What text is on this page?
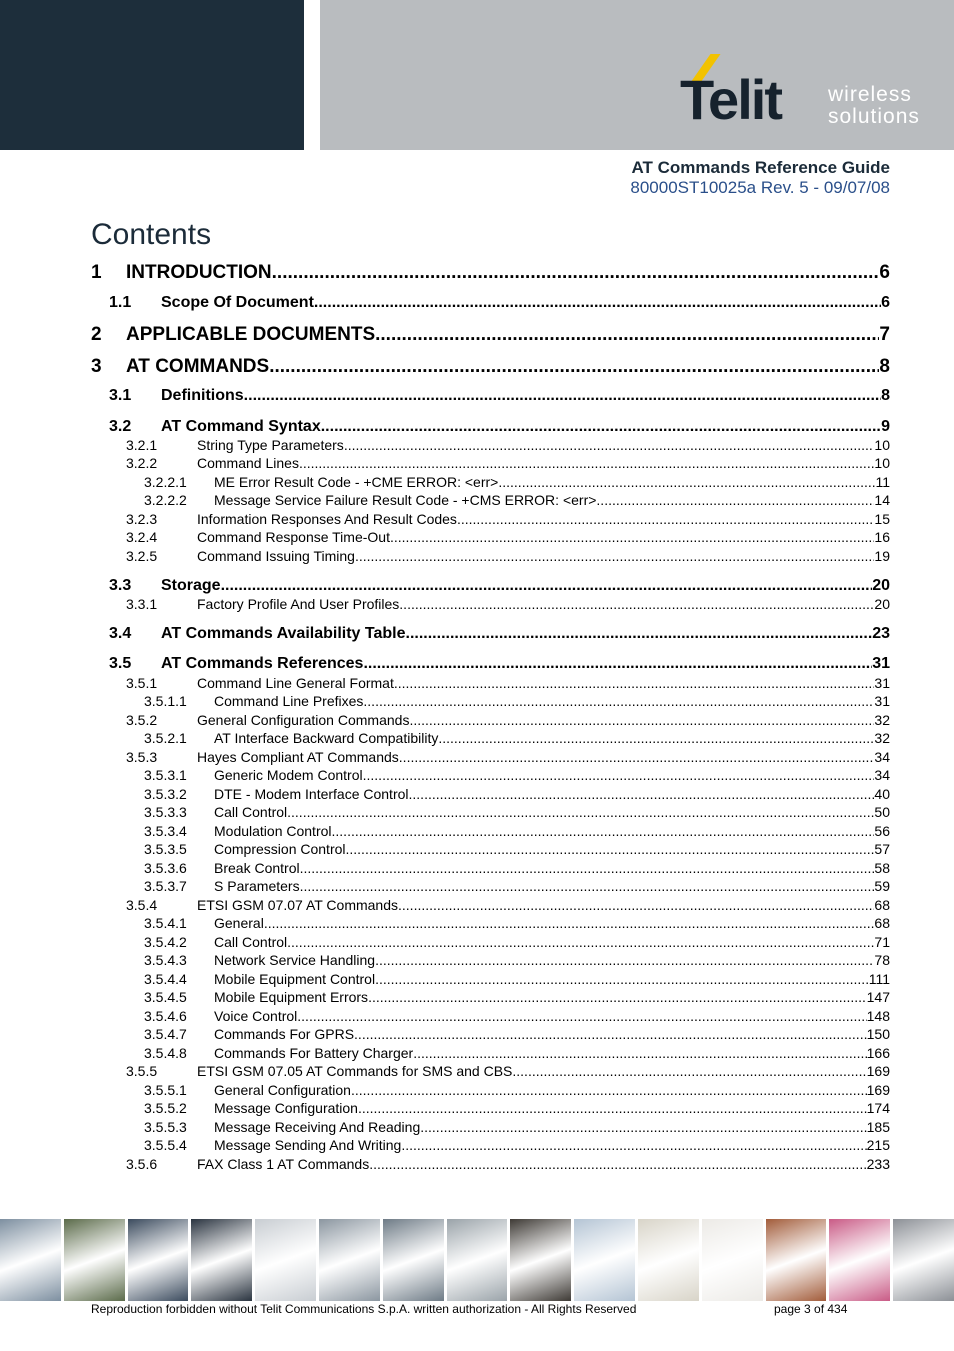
Telit wireless
solutions
AT Commands Reference Guide
80000ST10025a Rev. 5 - 09/07/08
Contents
1	INTRODUCTION .....	6
1.1	Scope Of Document .....	6
2	APPLICABLE DOCUMENTS .....	7
3	AT COMMANDS .....	8
3.1	Definitions .....	8
3.2	AT Command Syntax .....	9
3.2.1	String Type Parameters .....	10
3.2.2	Command Lines .....	10
3.2.2.1	ME Error Result Code - +CME ERROR: <err> .....	11
3.2.2.2	Message Service Failure Result Code - +CMS ERROR: <err> .....	14
3.2.3	Information Responses And Result Codes .....	15
3.2.4	Command Response Time-Out .....	16
3.2.5	Command Issuing Timing .....	19
3.3	Storage .....	20
3.3.1	Factory Profile And User Profiles .....	20
3.4	AT Commands Availability Table .....	23
3.5	AT Commands References .....	31
3.5.1	Command Line General Format .....	31
3.5.1.1	Command Line Prefixes .....	31
3.5.2	General Configuration Commands .....	32
3.5.2.1	AT Interface Backward Compatibility .....	32
3.5.3	Hayes Compliant AT Commands .....	34
3.5.3.1	Generic Modem Control .....	34
3.5.3.2	DTE - Modem Interface Control .....	40
3.5.3.3	Call Control .....	50
3.5.3.4	Modulation Control .....	56
3.5.3.5	Compression Control .....	57
3.5.3.6	Break Control .....	58
3.5.3.7	S Parameters .....	59
3.5.4	ETSI GSM 07.07 AT Commands .....	68
3.5.4.1	General .....	68
3.5.4.2	Call Control .....	71
3.5.4.3	Network Service Handling .....	78
3.5.4.4	Mobile Equipment Control .....	111
3.5.4.5	Mobile Equipment Errors .....	147
3.5.4.6	Voice Control .....	148
3.5.4.7	Commands For GPRS .....	150
3.5.4.8	Commands For Battery Charger .....	166
3.5.5	ETSI GSM 07.05 AT Commands for SMS and CBS .....	169
3.5.5.1	General Configuration .....	169
3.5.5.2	Message Configuration .....	174
3.5.5.3	Message Receiving And Reading .....	185
3.5.5.4	Message Sending And Writing .....	215
3.5.6	FAX Class 1 AT Commands .....	233
Reproduction forbidden without Telit Communications S.p.A. written authorization - All Rights Reserved	page 3 of 434
